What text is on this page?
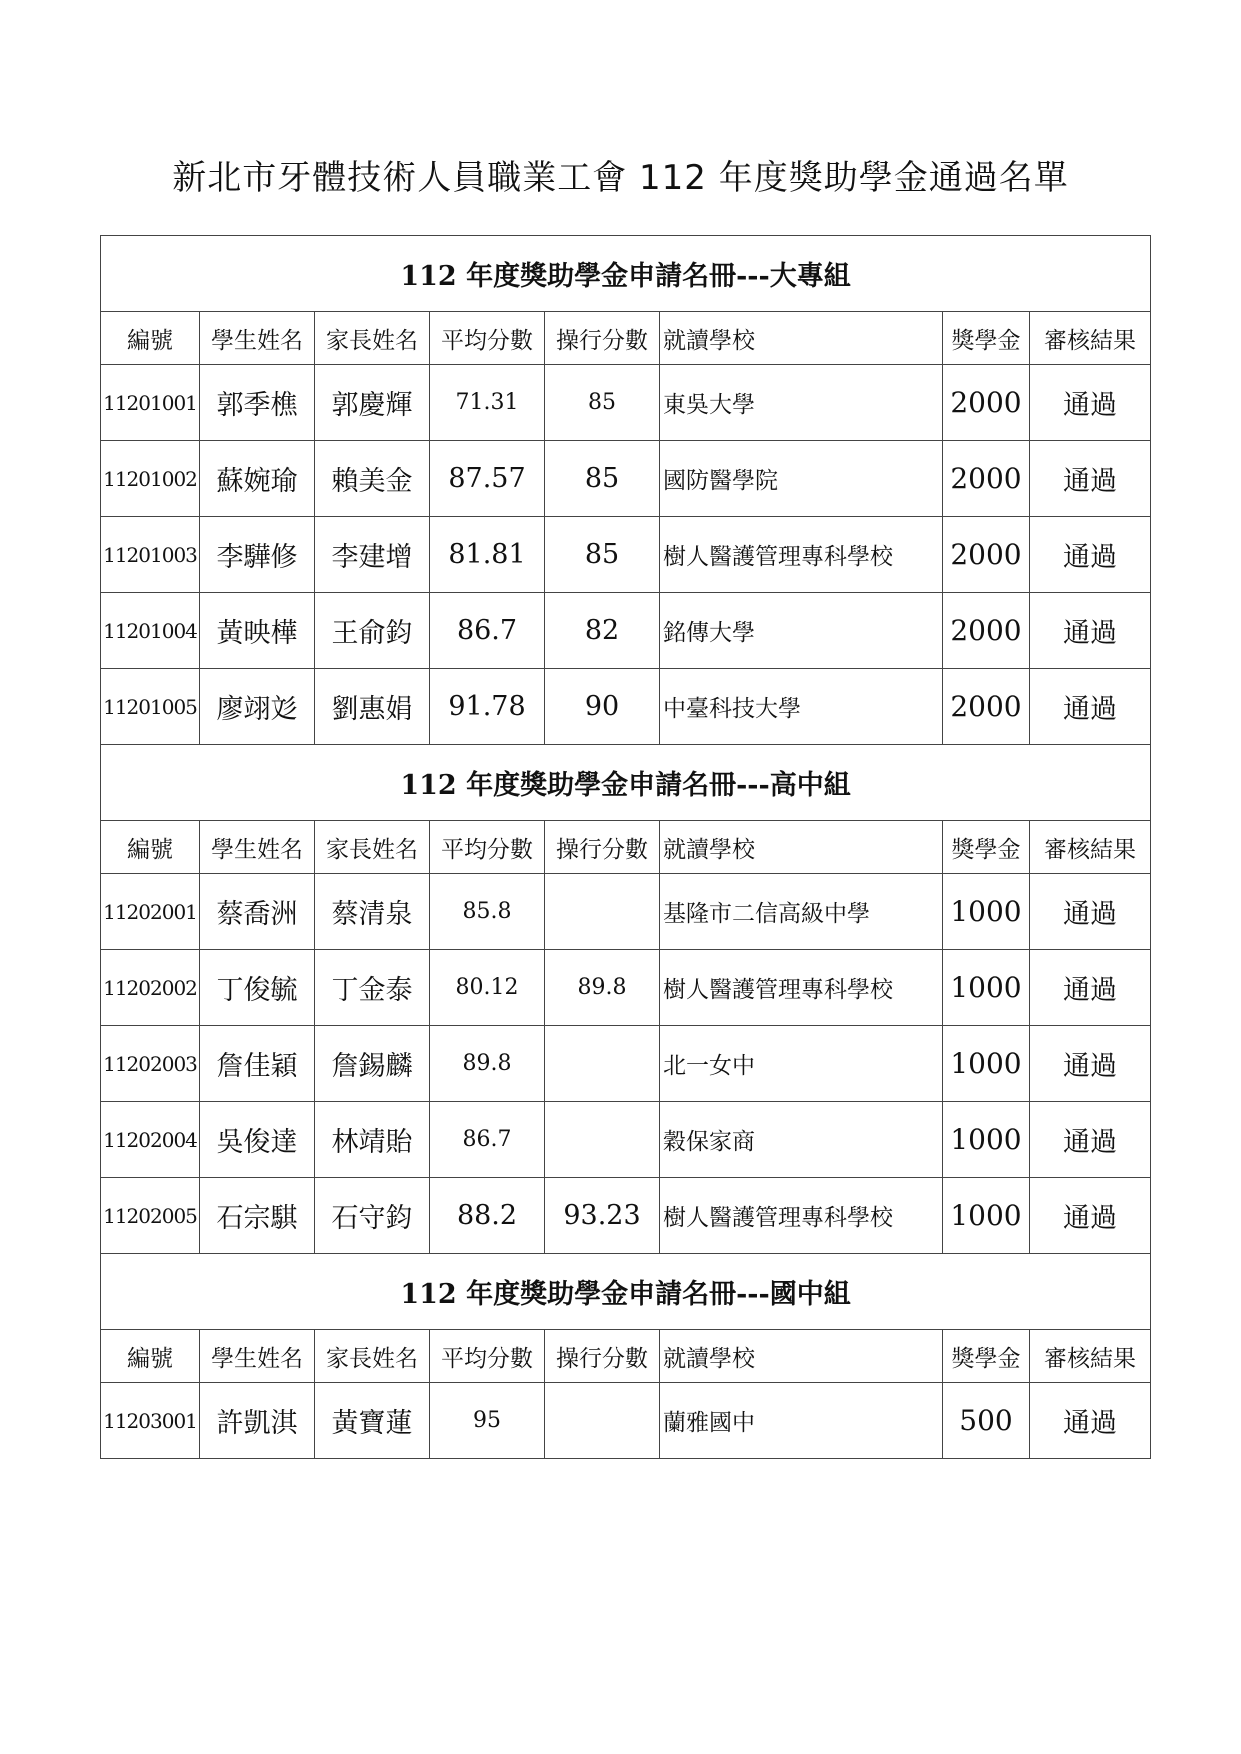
新北市牙體技術人員職業工會 112 年度獎助學金通過名單
112 年度獎助學金申請名冊---大專組							
編號	學生姓名	家長姓名	平均分數	操行分數	就讀學校	獎學金	審核結果
11201001	郭季樵	郭慶輝	71.31	85	東吳大學	2000	通過
11201002	蘇婉瑜	賴美金	87.57	85	國防醫學院	2000	通過
11201003	李驊修	李建增	81.81	85	樹人醫護管理專科學校	2000	通過
11201004	黃映樺	王俞鈞	86.7	82	銘傳大學	2000	通過
11201005	廖翊彣	劉惠娟	91.78	90	中臺科技大學	2000	通過
112 年度獎助學金申請名冊---高中組							
編號	學生姓名	家長姓名	平均分數	操行分數	就讀學校	獎學金	審核結果
11202001	蔡喬洲	蔡清泉	85.8		基隆市二信高級中學	1000	通過
11202002	丁俊毓	丁金泰	80.12	89.8	樹人醫護管理專科學校	1000	通過
11202003	詹佳穎	詹錫麟	89.8		北一女中	1000	通過
11202004	吳俊達	林靖貽	86.7		穀保家商	1000	通過
11202005	石宗騏	石守鈞	88.2	93.23	樹人醫護管理專科學校	1000	通過
112 年度獎助學金申請名冊---國中組							
編號	學生姓名	家長姓名	平均分數	操行分數	就讀學校	獎學金	審核結果
11203001	許凱淇	黃寶蓮	95		蘭雅國中	500	通過
